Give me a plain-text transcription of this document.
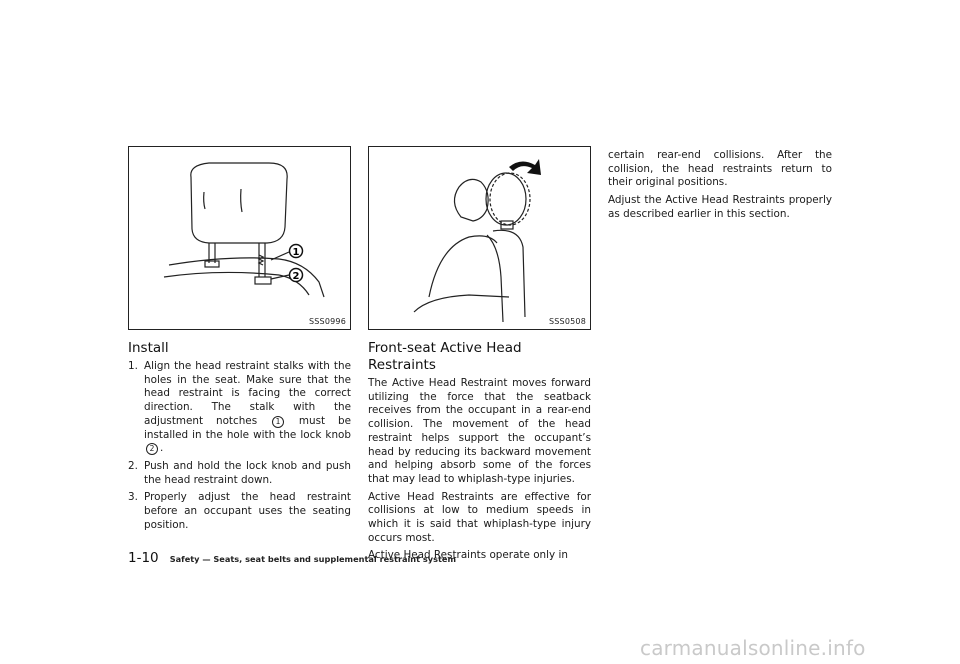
1
2
SSS0996	SSS0508
Install
1. Align the head restraint stalks with the holes in the seat. Make sure that the head restraint is facing the correct direction. The stalk with the adjustment notches 1 must be installed in the hole with the lock knob 2 .
2. Push and hold the lock knob and push the head restraint down.
3. Properly adjust the head restraint before an occupant uses the seating position.
Front-seat Active Head Restraints

The Active Head Restraint moves forward utilizing the force that the seatback receives from the occupant in a rear-end collision. The movement of the head restraint helps support the occupant’s head by reducing its backward movement and helping absorb some of the forces that may lead to whiplash-type injuries.

Active Head Restraints are effective for collisions at low to medium speeds in which it is said that whiplash-type injury occurs most.

Active Head Restraints operate only in

certain rear-end collisions. After the collision, the head restraints return to their original positions.

Adjust the Active Head Restraints properly as described earlier in this section.

1-10 Safety — Seats, seat belts and supplemental restraint system
carmanualsonline.info
